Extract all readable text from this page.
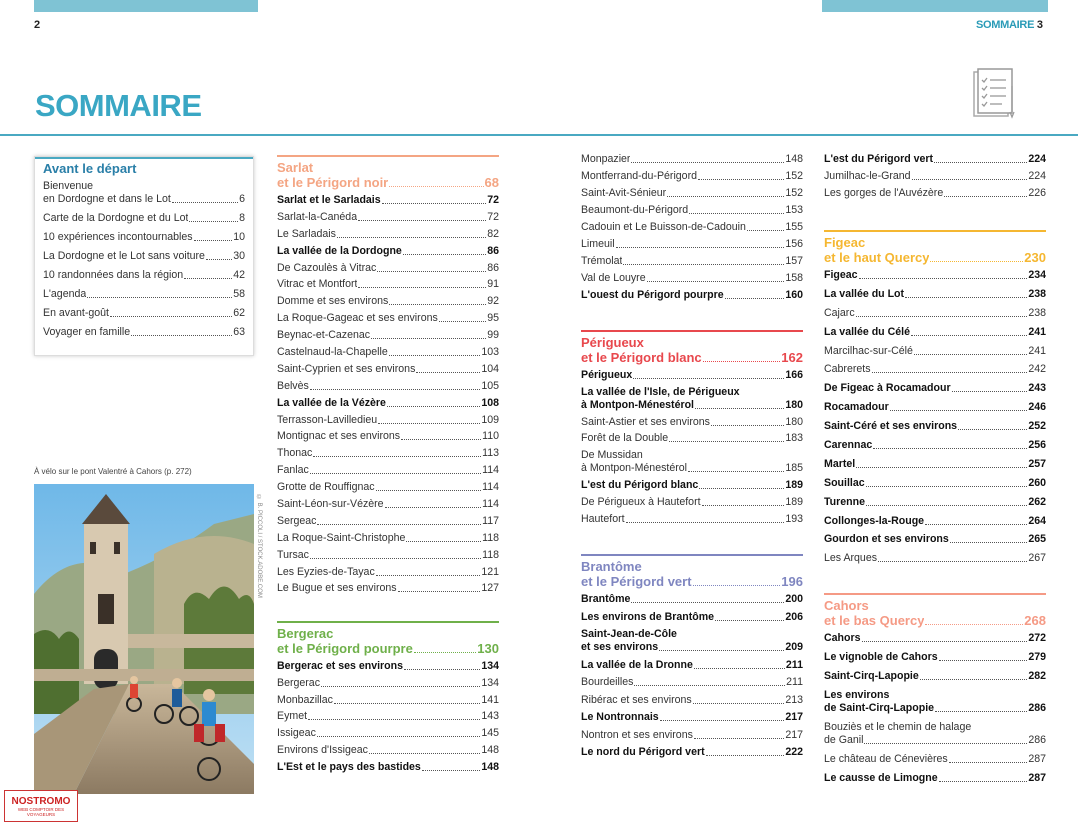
2	SOMMAIRE 3
SOMMAIRE
Avant le départ
Bienvenue
en Dordogne et dans le Lot	6
Carte de la Dordogne et du Lot	8
10 expériences incontournables	10
La Dordogne et le Lot sans voiture	30
10 randonnées dans la région	42
L'agenda	58
En avant-goût	62
Voyager en famille	63
À vélo sur le pont Valentré à Cahors (p. 272)
© B. PICCOLI / STOCK.ADOBE.COM
NOSTROMO
WEB COMPTOIR DES VOYAGEURS
Sarlat
et le Périgord noir	68
Sarlat et le Sarladais	72
Sarlat-la-Canéda	72
Le Sarladais	82
La vallée de la Dordogne	86
De Cazoulès à Vitrac	86
Vitrac et Montfort	91
Domme et ses environs	92
La Roque-Gageac et ses environs	95
Beynac-et-Cazenac	99
Castelnaud-la-Chapelle	103
Saint-Cyprien et ses environs	104
Belvès	105
La vallée de la Vézère	108
Terrasson-Lavilledieu	109
Montignac et ses environs	110
Thonac	113
Fanlac	114
Grotte de Rouffignac	114
Saint-Léon-sur-Vézère	114
Sergeac	117
La Roque-Saint-Christophe	118
Tursac	118
Les Eyzies-de-Tayac	121
Le Bugue et ses environs	127
Bergerac
et le Périgord pourpre	130
Bergerac et ses environs	134
Bergerac	134
Monbazillac	141
Eymet	143
Issigeac	145
Environs d'Issigeac	148
L'Est et le pays des bastides	148
Monpazier	148
Montferrand-du-Périgord	152
Saint-Avit-Sénieur	152
Beaumont-du-Périgord	153
Cadouin et Le Buisson-de-Cadouin	155
Limeuil	156
Trémolat	157
Val de Louyre	158
L'ouest du Périgord pourpre	160
Périgueux
et le Périgord blanc	162
Périgueux	166
La vallée de l'Isle, de Périgueux
à Montpon-Ménestérol	180
Saint-Astier et ses environs	180
Forêt de la Double	183
De Mussidan
à Montpon-Ménestérol	185
L'est du Périgord blanc	189
De Périgueux à Hautefort	189
Hautefort	193
Brantôme
et le Périgord vert	196
Brantôme	200
Les environs de Brantôme	206
Saint-Jean-de-Côle
et ses environs	209
La vallée de la Dronne	211
Bourdeilles	211
Ribérac et ses environs	213
Le Nontronnais	217
Nontron et ses environs	217
Le nord du Périgord vert	222
L'est du Périgord vert	224
Jumilhac-le-Grand	224
Les gorges de l'Auvézère	226
Figeac
et le haut Quercy	230
Figeac	234
La vallée du Lot	238
Cajarc	238
La vallée du Célé	241
Marcilhac-sur-Célé	241
Cabrerets	242
De Figeac à Rocamadour	243
Rocamadour	246
Saint-Céré et ses environs	252
Carennac	256
Martel	257
Souillac	260
Turenne	262
Collonges-la-Rouge	264
Gourdon et ses environs	265
Les Arques	267
Cahors
et le bas Quercy	268
Cahors	272
Le vignoble de Cahors	279
Saint-Cirq-Lapopie	282
Les environs
de Saint-Cirq-Lapopie	286
Bouziès et le chemin de halage
de Ganil	286
Le château de Cénevières	287
Le causse de Limogne	287
